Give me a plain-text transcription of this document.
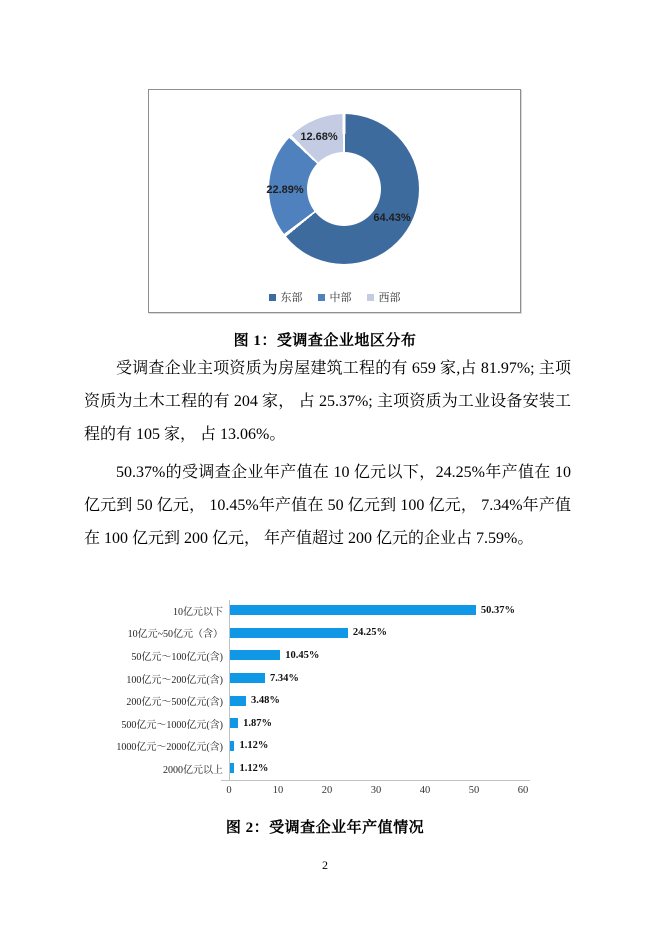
64.43%
22.89%
12.68%
东部 中部 西部
图 1：受调查企业地区分布

受调查企业主项资质为房屋建筑工程的有 659 家,占 81.97%; 主项资质为土木工程的有 204 家， 占 25.37%; 主项资质为工业设备安装工程的有 105 家， 占 13.06%。

50.37%的受调查企业年产值在 10 亿元以下，24.25%年产值在 10 亿元到 50 亿元， 10.45%年产值在 50 亿元到 100 亿元， 7.34%年产值在 100 亿元到 200 亿元， 年产值超过 200 亿元的企业占 7.59%。

10亿元以下	50.37%
10亿元~50亿元（含）	24.25%
50亿元～100亿元(含)	10.45%
100亿元～200亿元(含)	7.34%
200亿元～500亿元(含)	3.48%
500亿元～1000亿元(含)	1.87%
1000亿元～2000亿元(含)	1.12%
2000亿元以上	1.12%
0	10	20	30	40	50	60
图 2：受调查企业年产值情况
2
